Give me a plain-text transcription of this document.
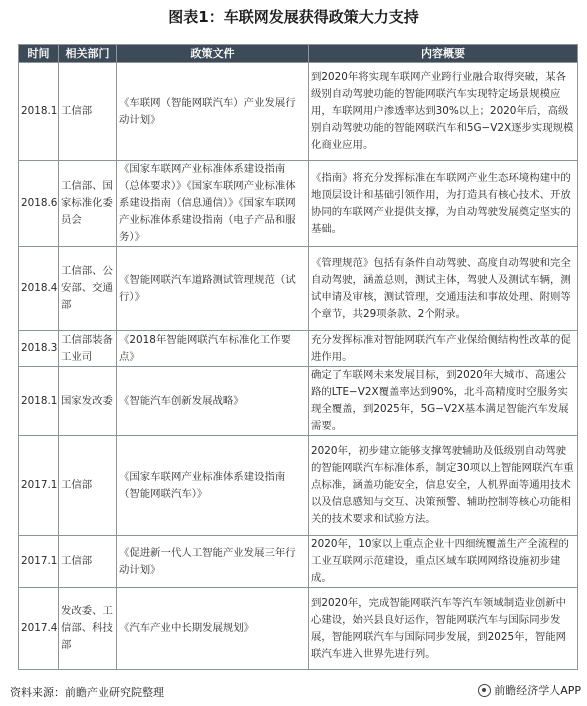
图表1：车联网发展获得政策大力支持
时间	相关部门	政策文件	内容概要
2018.1	工信部	《车联网（智能网联汽车）产业发展行动计划》	到2020年将实现车联网产业跨行业融合取得突破，某各级别自动驾驶功能的智能网联汽车实现特定场景规模应用，车联网用户渗透率达到30%以上；2020年后，高级别自动驾驶功能的智能网联汽车和5G−V2X逐步实现规模化商业应用。
2018.6	工信部、国家标准化委员会	《国家车联网产业标准体系建设指南（总体要求）》《国家车联网产业标准体系建设指南（信息通信）》《国家车联网产业标准体系建设指南（电子产品和服务）》	《指南》将充分发挥标准在车联网产业生态环境构建中的地顶层设计和基础引领作用，为打造具有核心技术、开放协同的车联网产业提供支撑，为自动驾驶发展奠定坚实的基础。
2018.4	工信部、公安部、交通部	《智能网联汽车道路测试管理规范（试行）》	《管理规范》包括有条件自动驾驶、高度自动驾驶和完全自动驾驶，涵盖总则，测试主体，驾驶人及测试车辆，测试申请及审核，测试管理，交通违法和事故处理、附则等个章节，共29项条款、2个附录。
2018.3	工信部装备工业司	《2018年智能网联汽车标准化工作要点》	充分发挥标准对智能网联汽车产业保给侧结构性改革的促进作用。
2018.1	国家发改委	《智能汽车创新发展战略》	确定了车联网未来发展目标，到2020年大城市、高速公路的LTE−V2X覆盖率达到90%，北斗高精度时空服务实现全覆盖，到2025年，5G−V2X基本满足智能汽车发展需要。
2017.1	工信部	《国家车联网产业标准体系建设指南（智能网联汽车）》	2020年，初步建立能够支撑驾驶辅助及低级别自动驾驶的智能网联汽车标准体系，制定30项以上智能网联汽车重点标准，涵盖功能安全，信息安全，人机界面等通用技术以及信息感知与交互、决策预警、辅助控制等核心功能相关的技术要求和试验方法。
2017.1	工信部	《促进新一代人工智能产业发展三年行动计划》	2020年，10家以上重点企业十四细统覆盖生产全流程的工业互联网示范建设，重点区域车联网网络设施初步建成。
2017.4	发改委、工信部、科技部	《汽车产业中长期发展规划》	到2020年，完成智能网联汽车等汽车领域制造业创新中心建设，始兴县良好运作，智能网联汽车与国际同步发展，智能网联汽车与国际同步发展，到2025年，智能网联汽车进入世界先进行列。
资料来源：前瞻产业研究院整理	前瞻经济学人APP
